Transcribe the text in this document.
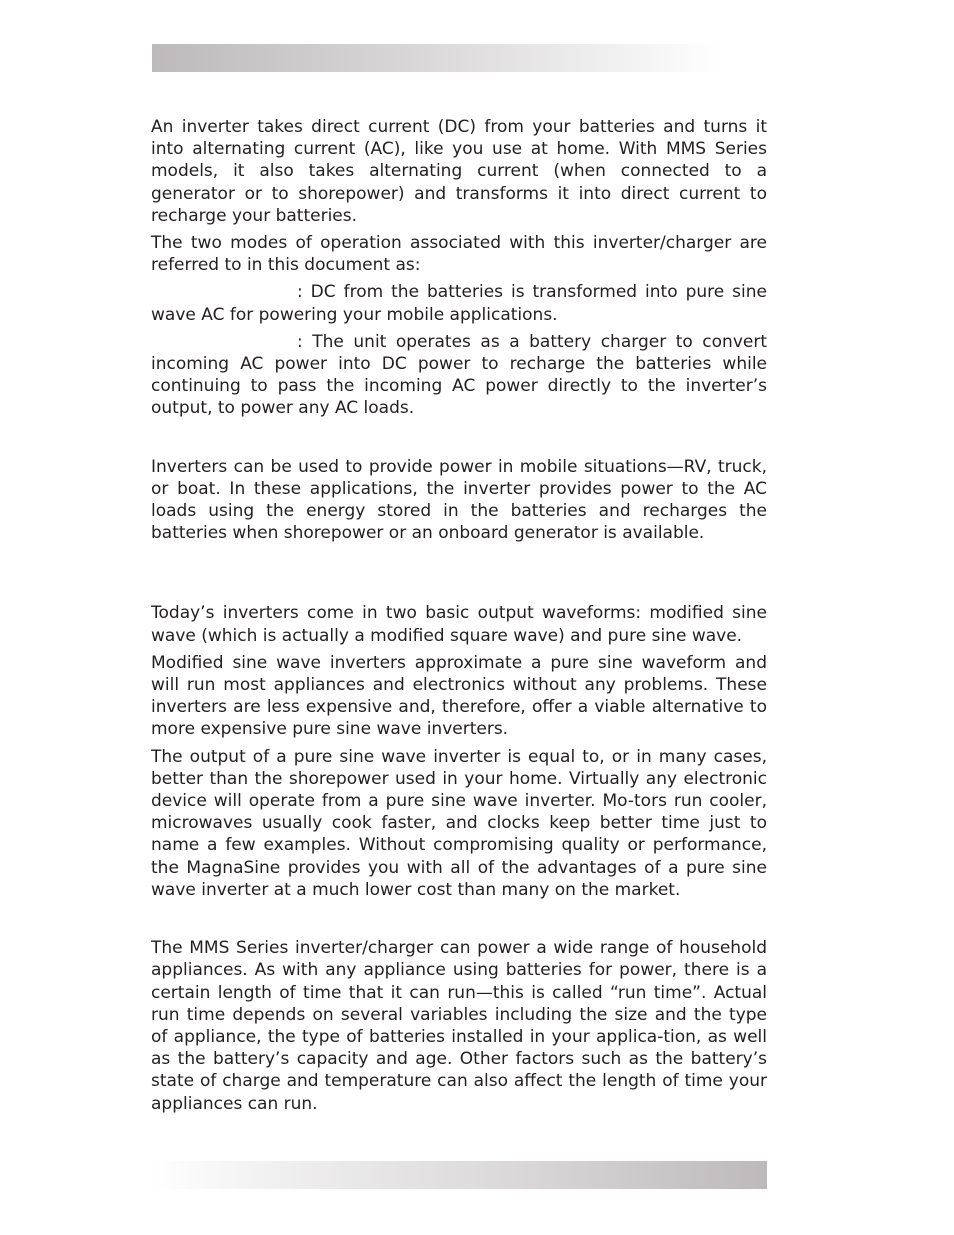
An inverter takes direct current (DC) from your batteries and turns it into alternating current (AC), like you use at home. With MMS Series models, it also takes alternating current (when connected to a generator or to shorepower) and transforms it into direct current to recharge your batteries.

The two modes of operation associated with this inverter/charger are referred to in this document as:

: DC from the batteries is transformed into pure sine wave AC for powering your mobile applications.

: The unit operates as a battery charger to convert incoming AC power into DC power to recharge the batteries while continuing to pass the incoming AC power directly to the inverter’s output, to power any AC loads.

Inverters can be used to provide power in mobile situations—RV, truck, or boat. In these applications, the inverter provides power to the AC loads using the energy stored in the batteries and recharges the batteries when shorepower or an onboard generator is available.

Today’s inverters come in two basic output waveforms: modified sine wave (which is actually a modified square wave) and pure sine wave.

Modified sine wave inverters approximate a pure sine waveform and will run most appliances and electronics without any problems. These inverters are less expensive and, therefore, offer a viable alternative to more expensive pure sine wave inverters.

The output of a pure sine wave inverter is equal to, or in many cases, better than the shorepower used in your home. Virtually any electronic device will operate from a pure sine wave inverter. Mo-tors run cooler, microwaves usually cook faster, and clocks keep better time just to name a few examples. Without compromising quality or performance, the MagnaSine provides you with all of the advantages of a pure sine wave inverter at a much lower cost than many on the market.

The MMS Series inverter/charger can power a wide range of household appliances. As with any appliance using batteries for power, there is a certain length of time that it can run—this is called “run time”. Actual run time depends on several variables including the size and the type of appliance, the type of batteries installed in your applica-tion, as well as the battery’s capacity and age. Other factors such as the battery’s state of charge and temperature can also affect the length of time your appliances can run.
